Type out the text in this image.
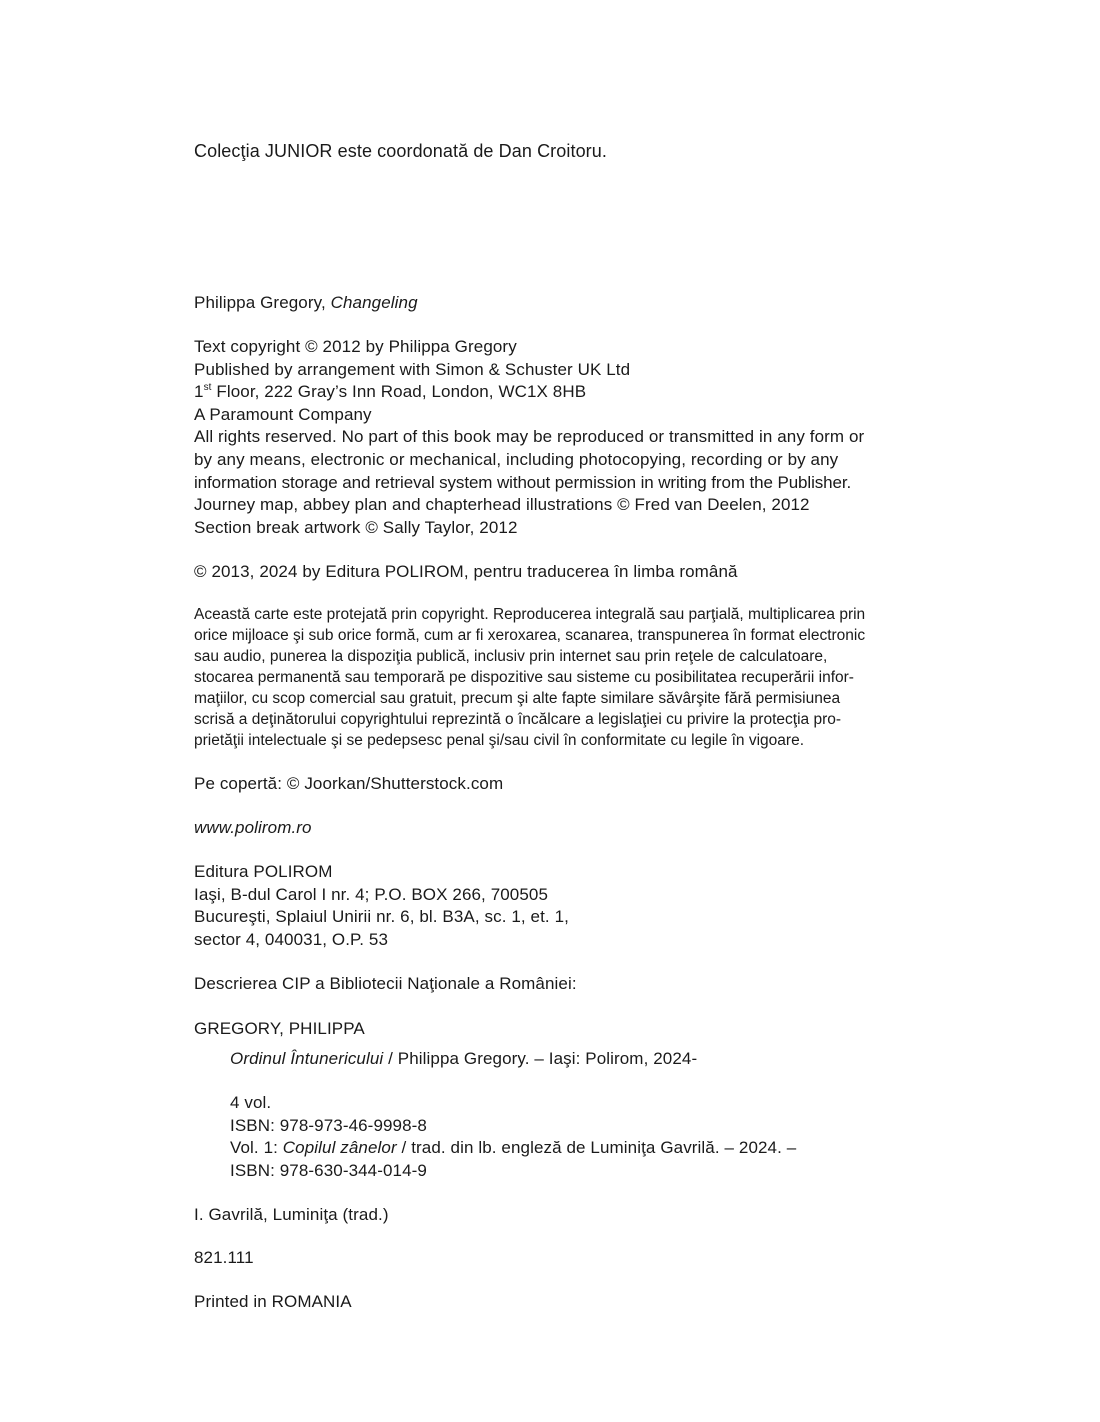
Colecţia JUNIOR este coordonată de Dan Croitoru.
Philippa Gregory, Changeling
Text copyright © 2012 by Philippa Gregory
Published by arrangement with Simon & Schuster UK Ltd
1st Floor, 222 Gray’s Inn Road, London, WC1X 8HB
A Paramount Company
All rights reserved. No part of this book may be reproduced or transmitted in any form or
by any means, electronic or mechanical, including photocopying, recording or by any
information storage and retrieval system without permission in writing from the Publisher.
Journey map, abbey plan and chapterhead illustrations © Fred van Deelen, 2012
Section break artwork © Sally Taylor, 2012
© 2013, 2024 by Editura POLIROM, pentru traducerea în limba română
Această carte este protejată prin copyright. Reproducerea integrală sau parţială, multiplicarea prin
orice mijloace şi sub orice formă, cum ar fi xeroxarea, scanarea, transpunerea în format electronic
sau audio, punerea la dispoziţia publică, inclusiv prin internet sau prin reţele de calculatoare,
stocarea permanentă sau temporară pe dispozitive sau sisteme cu posibilitatea recuperării infor-
maţiilor, cu scop comercial sau gratuit, precum şi alte fapte similare săvârşite fără permisiunea
scrisă a deţinătorului copyrightului reprezintă o încălcare a legislaţiei cu privire la protecţia pro-
prietăţii intelectuale şi se pedepsesc penal şi/sau civil în conformitate cu legile în vigoare.
Pe copertă: © Joorkan/Shutterstock.com
www.polirom.ro
Editura POLIROM
Iaşi, B-dul Carol I nr. 4; P.O. BOX 266, 700505
Bucureşti, Splaiul Unirii nr. 6, bl. B3A, sc. 1, et. 1,
sector 4, 040031, O.P. 53
Descrierea CIP a Bibliotecii Naţionale a României:
GREGORY, PHILIPPA
Ordinul Întunericului / Philippa Gregory. – Iaşi: Polirom, 2024-
4 vol.
ISBN: 978-973-46-9998-8
Vol. 1: Copilul zânelor / trad. din lb. engleză de Luminiţa Gavrilă. – 2024. –
ISBN: 978-630-344-014-9
I. Gavrilă, Luminiţa (trad.)
821.111
Printed in ROMANIA
